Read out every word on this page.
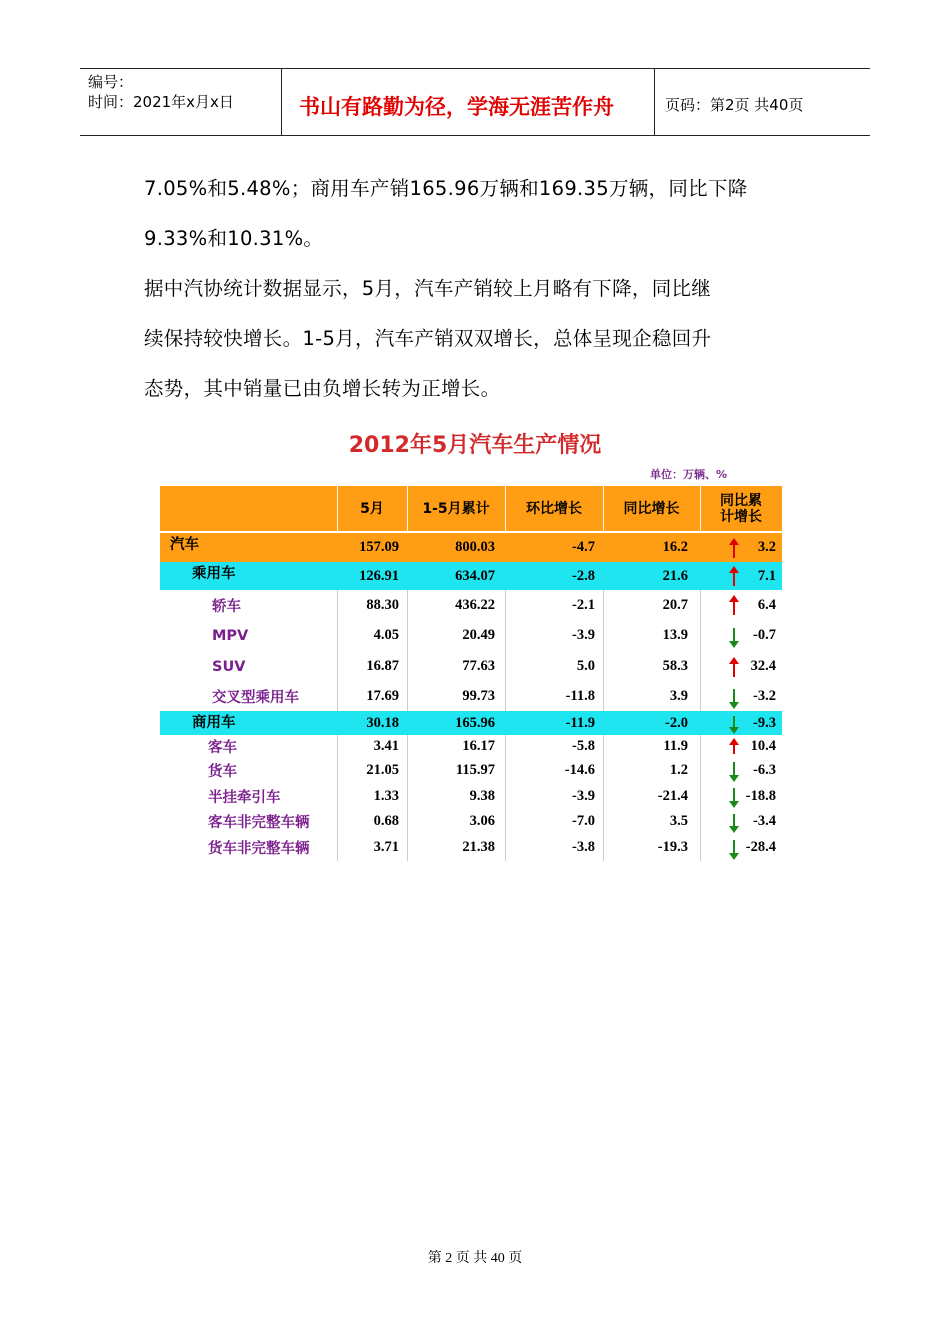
编号：
时间：2021年x月x日	书山有路勤为径，学海无涯苦作舟	页码：第2页 共40页
7.05%和5.48%；商用车产销165.96万辆和169.35万辆，同比下降
9.33%和10.31%。
据中汽协统计数据显示，5月，汽车产销较上月略有下降，同比继
续保持较快增长。1-5月，汽车产销双双增长，总体呈现企稳回升
态势，其中销量已由负增长转为正增长。
2012年5月汽车生产情况
单位：万辆、%
5月	1-5月累计	环比增长	同比增长	同比累计增长
汽车	157.09	800.03	-4.7	16.2	3.2
乘用车	126.91	634.07	-2.8	21.6	7.1
轿车	88.30	436.22	-2.1	20.7	6.4
MPV	4.05	20.49	-3.9	13.9	-0.7
SUV	16.87	77.63	5.0	58.3	32.4
交叉型乘用车	17.69	99.73	-11.8	3.9	-3.2
商用车	30.18	165.96	-11.9	-2.0	-9.3
客车	3.41	16.17	-5.8	11.9	10.4
货车	21.05	115.97	-14.6	1.2	-6.3
半挂牵引车	1.33	9.38	-3.9	-21.4	-18.8
客车非完整车辆	0.68	3.06	-7.0	3.5	-3.4
货车非完整车辆	3.71	21.38	-3.8	-19.3	-28.4
第 2 页 共 40 页
